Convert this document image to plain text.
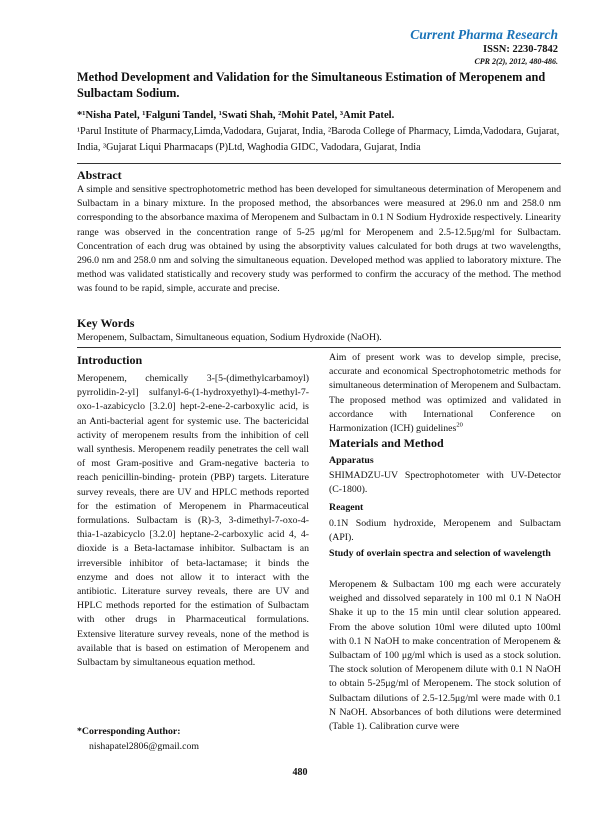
Current Pharma Research
ISSN: 2230-7842
CPR 2(2), 2012, 480-486.
Method Development and Validation for the Simultaneous Estimation of Meropenem and Sulbactam Sodium.
*¹Nisha Patel, ¹Falguni Tandel, ¹Swati Shah, ²Mohit Patel, ³Amit Patel.
¹Parul Institute of Pharmacy,Limda,Vadodara, Gujarat, India, ²Baroda College of Pharmacy, Limda,Vadodara, Gujarat, India, ³Gujarat Liqui Pharmacaps (P)Ltd, Waghodia GIDC, Vadodara, Gujarat, India
Abstract
A simple and sensitive spectrophotometric method has been developed for simultaneous determination of Meropenem and Sulbactam in a binary mixture. In the proposed method, the absorbances were measured at 296.0 nm and 258.0 nm corresponding to the absorbance maxima of Meropenem and Sulbactam in 0.1 N Sodium Hydroxide respectively. Linearity range was observed in the concentration range of 5-25 μg/ml for Meropenem and 2.5-12.5μg/ml for Sulbactam. Concentration of each drug was obtained by using the absorptivity values calculated for both drugs at two wavelengths, 296.0 nm and 258.0 nm and solving the simultaneous equation. Developed method was applied to laboratory mixture. The method was validated statistically and recovery study was performed to confirm the accuracy of the method. The method was found to be rapid, simple, accurate and precise.
Key Words
Meropenem, Sulbactam, Simultaneous equation, Sodium Hydroxide (NaOH).
Introduction
Meropenem, chemically 3-[5-(dimethylcarbamoyl) pyrrolidin-2-yl] sulfanyl-6-(1-hydroxyethyl)-4-methyl-7-oxo-1-azabicyclo [3.2.0] hept-2-ene-2-carboxylic acid, is an Anti-bacterial agent for systemic use. The bactericidal activity of meropenem results from the inhibition of cell wall synthesis. Meropenem readily penetrates the cell wall of most Gram-positive and Gram-negative bacteria to reach penicillin-binding- protein (PBP) targets. Literature survey reveals, there are UV and HPLC methods reported for the estimation of Meropenem in Pharmaceutical formulations. Sulbactam is (R)-3, 3-dimethyl-7-oxo-4-thia-1-azabicyclo [3.2.0] heptane-2-carboxylic acid 4, 4-dioxide is a Beta-lactamase inhibitor. Sulbactam is an irreversible inhibitor of beta-lactamase; it binds the enzyme and does not allow it to interact with the antibiotic. Literature survey reveals, there are UV and HPLC methods reported for the estimation of Sulbactam with other drugs in Pharmaceutical formulations. Extensive literature survey reveals, none of the method is available that is based on estimation of Meropenem and Sulbactam by simultaneous equation method.
*Corresponding Author:
nishapatel2806@gmail.com
Aim of present work was to develop simple, precise, accurate and economical Spectrophotometric methods for simultaneous determination of Meropenem and Sulbactam. The proposed method was optimized and validated in accordance with International Conference on Harmonization (ICH) guidelines$^{20}$
Materials and Method
Apparatus
SHIMADZU-UV Spectrophotometer with UV-Detector (C-1800).
Reagent
0.1N Sodium hydroxide, Meropenem and Sulbactam (API).
Study of overlain spectra and selection of wavelength
Meropenem & Sulbactam 100 mg each were accurately weighed and dissolved separately in 100 ml 0.1 N NaOH Shake it up to the 15 min until clear solution appeared. From the above solution 10ml were diluted upto 100ml with 0.1 N NaOH to make concentration of Meropenem & Sulbactam of 100 μg/ml which is used as a stock solution. The stock solution of Meropenem dilute with 0.1 N NaOH to obtain 5-25μg/ml of Meropenem. The stock solution of Sulbactam dilutions of 2.5-12.5μg/ml were made with 0.1 N NaOH. Absorbances of both dilutions were determined (Table 1). Calibration curve were
480
